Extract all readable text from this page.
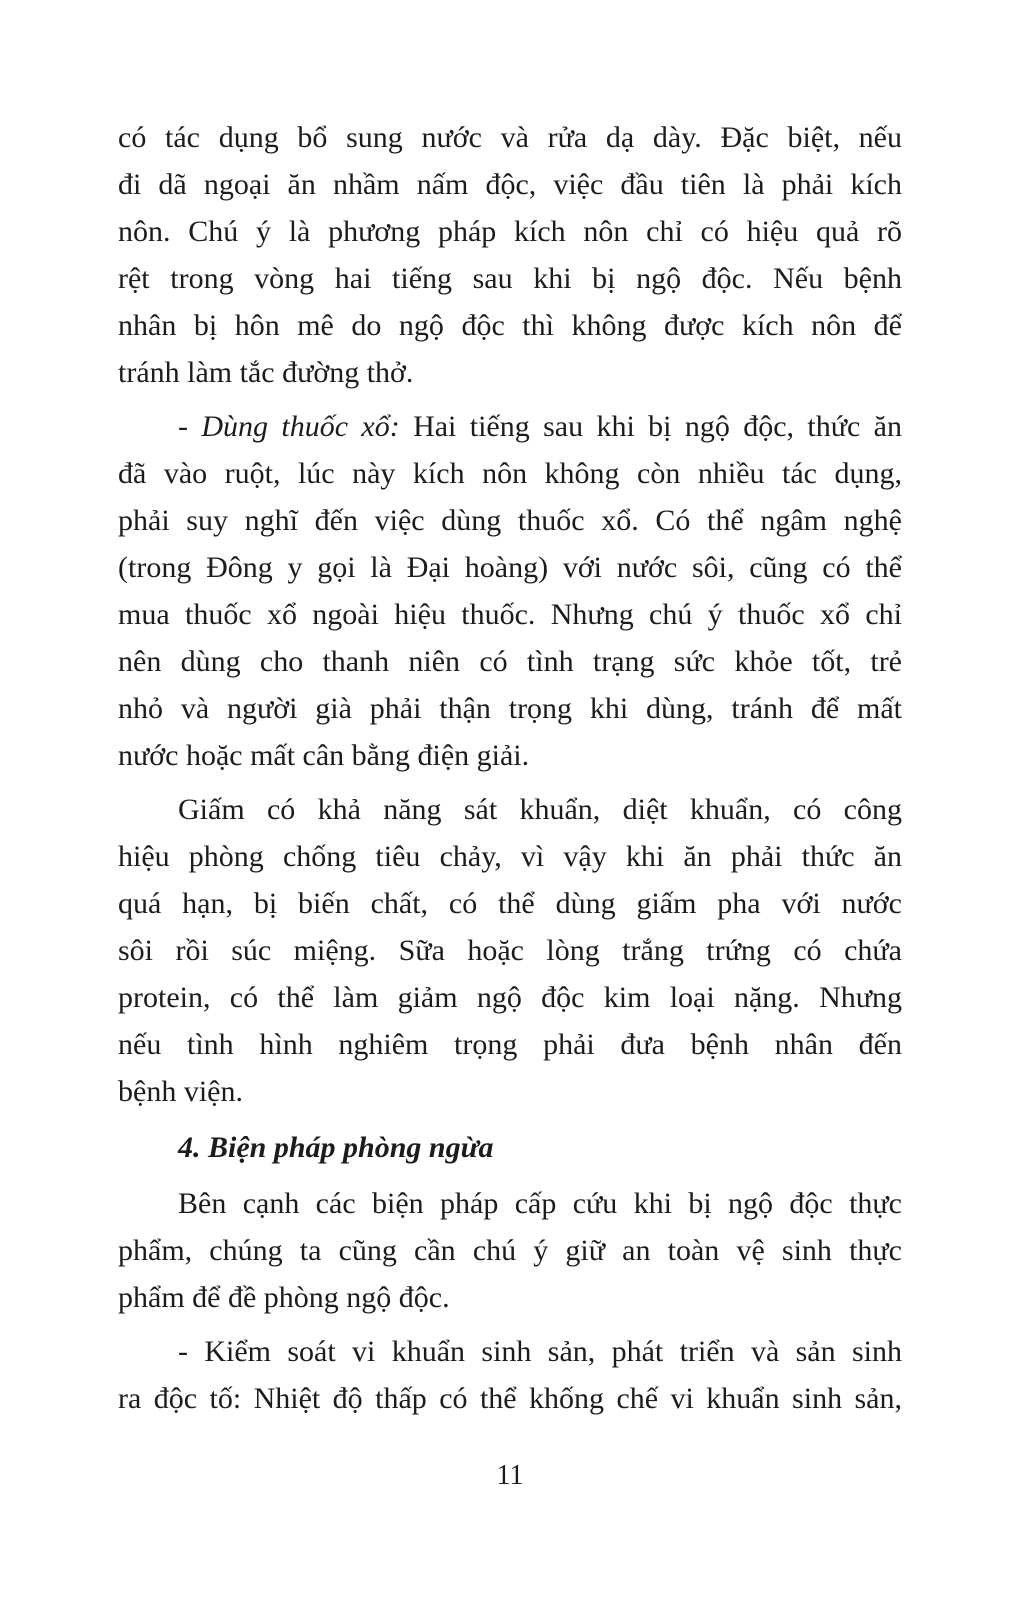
có tác dụng bổ sung nước và rửa dạ dày. Đặc biệt, nếu
đi dã ngoại ăn nhầm nấm độc, việc đầu tiên là phải kích
nôn. Chú ý là phương pháp kích nôn chỉ có hiệu quả rõ
rệt trong vòng hai tiếng sau khi bị ngộ độc. Nếu bệnh
nhân bị hôn mê do ngộ độc thì không được kích nôn để
tránh làm tắc đường thở.
- Dùng thuốc xổ: Hai tiếng sau khi bị ngộ độc, thức ăn
đã vào ruột, lúc này kích nôn không còn nhiều tác dụng,
phải suy nghĩ đến việc dùng thuốc xổ. Có thể ngâm nghệ
(trong Đông y gọi là Đại hoàng) với nước sôi, cũng có thể
mua thuốc xổ ngoài hiệu thuốc. Nhưng chú ý thuốc xổ chỉ
nên dùng cho thanh niên có tình trạng sức khỏe tốt, trẻ
nhỏ và người già phải thận trọng khi dùng, tránh để mất
nước hoặc mất cân bằng điện giải.
Giấm có khả năng sát khuẩn, diệt khuẩn, có công
hiệu phòng chống tiêu chảy, vì vậy khi ăn phải thức ăn
quá hạn, bị biến chất, có thể dùng giấm pha với nước
sôi rồi súc miệng. Sữa hoặc lòng trắng trứng có chứa
protein, có thể làm giảm ngộ độc kim loại nặng. Nhưng
nếu tình hình nghiêm trọng phải đưa bệnh nhân đến
bệnh viện.
4. Biện pháp phòng ngừa
Bên cạnh các biện pháp cấp cứu khi bị ngộ độc thực
phẩm, chúng ta cũng cần chú ý giữ an toàn vệ sinh thực
phẩm để đề phòng ngộ độc.
- Kiểm soát vi khuẩn sinh sản, phát triển và sản sinh
ra độc tố: Nhiệt độ thấp có thể khống chế vi khuẩn sinh sản,
11
